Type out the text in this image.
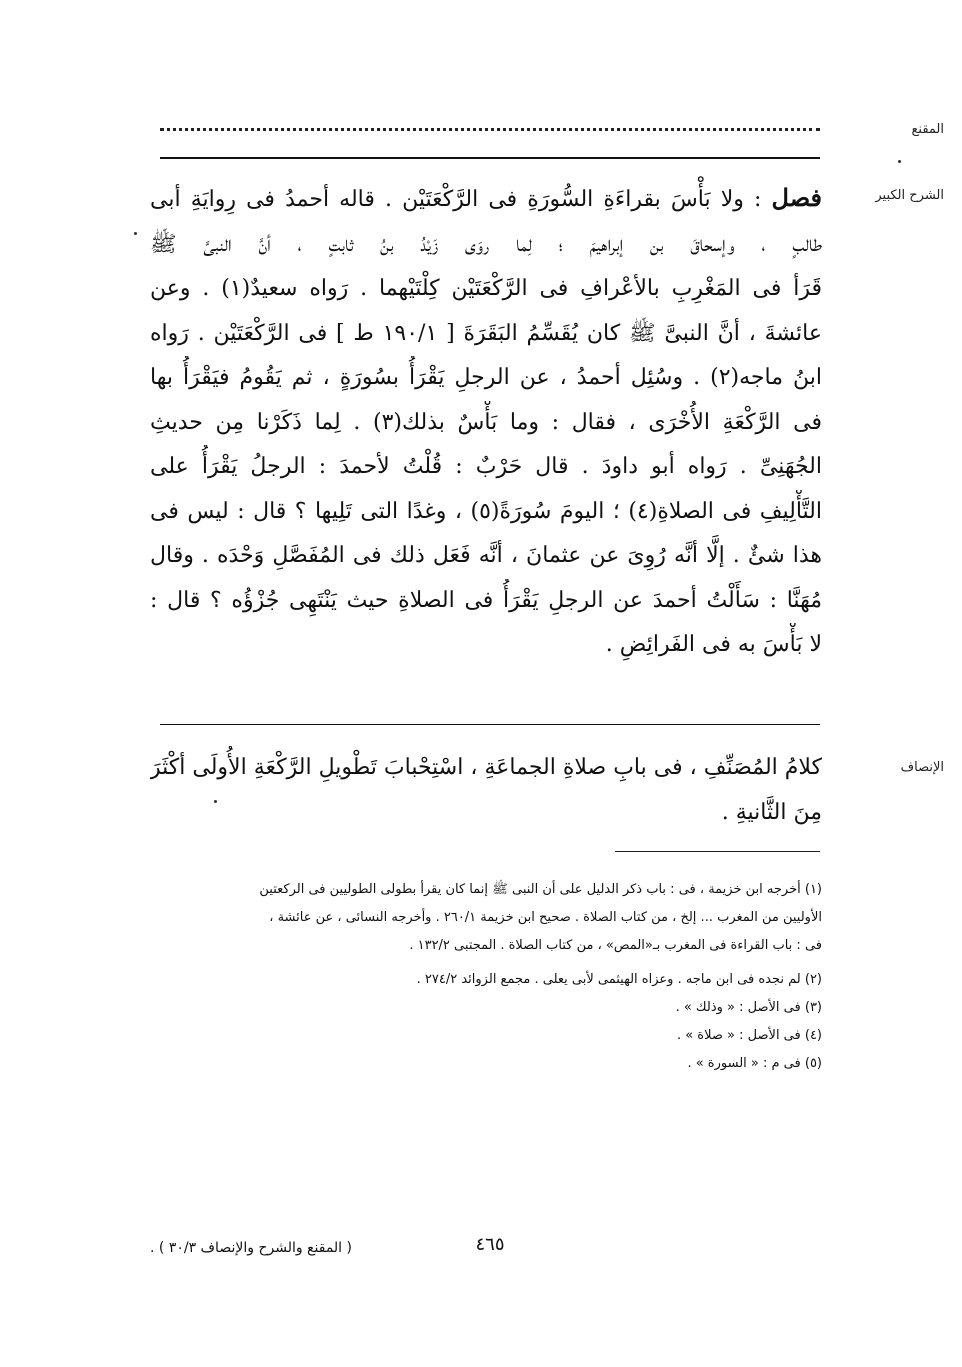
المقنع
الشرح الكبير
فصل : ولا بَأْسَ بقراءَةِ السُّورَةِ فى الرَّكْعَتَيْن . قاله أحمدُ فى رِوايَةِ أبى
طالبٍ ، وإسحاقَ بن إبراهيمَ ؛ لِما روَى زَيْدُ بنُ ثابتٍ ، أنَّ النبىَّ ﷺ
قَرَأ فى المَغْرِبِ بالأعْرافِ فى الرَّكْعَتَيْن كِلْتَيْهما . رَواه سعيدٌ(١) . وعن
عائشةَ ، أنَّ النبىَّ ﷺ كان يُقَسِّمُ البَقَرَةَ [ ١٩٠/١ ط ] فى الرَّكْعَتَيْن . رَواه
ابنُ ماجه(٢) . وسُئِل أحمدُ ، عن الرجلِ يَقْرَأُ بسُورَةٍ ، ثم يَقُومُ فيَقْرَأُ بها
فى الرَّكْعَةِ الأُخْرَى ، فقال : وما بَأْسٌ بذلك(٣) . لِما ذَكَرْنا مِن حديثِ
الجُهَنِىِّ . رَواه أبو داودَ . قال حَرْبٌ : قُلْتُ لأحمدَ : الرجلُ يَقْرَأُ على
التَّأْلِيفِ فى الصلاةِ(٤) ؛ اليومَ سُورَةً(٥) ، وغدًا التى تَلِيها ؟ قال : ليس فى
هذا شئٌ . إلَّا أنَّه رُوِىَ عن عثمانَ ، أنَّه فَعَل ذلك فى المُفَصَّلِ وَحْدَه . وقال
مُهَنَّا : سَأَلْتُ أحمدَ عن الرجلِ يَقْرَأُ فى الصلاةِ حيث يَنْتَهِى جُزْؤُه ؟ قال :
لا بَأْسَ به فى الفَرائِضِ .
الإنصاف
كلامُ المُصَنِّفِ ، فى بابِ صلاةِ الجماعَةِ ، اسْتِحْبابَ تَطْويلِ الرَّكْعَةِ الأُولَى أكْثَرَ
مِنَ الثَّانيةِ .
(١) أخرجه ابن خزيمة ، فى : باب ذكر الدليل على أن النبى ﷺ إنما كان يقرأ بطولى الطوليين فى الركعتين
الأوليين من المغرب ... إلخ ، من كتاب الصلاة . صحيح ابن خزيمة ٢٦٠/١ . وأخرجه النسائى ، عن عائشة ،
فى : باب القراءة فى المغرب بـ«المص» ، من كتاب الصلاة . المجتبى ١٣٢/٢ .
(٢) لم نجده فى ابن ماجه . وعزاه الهيثمى لأبى يعلى . مجمع الزوائد ٢٧٤/٢ .
(٣) فى الأصل : « وذلك » .
(٤) فى الأصل : « صلاة » .
(٥) فى م : « السورة » .
( المقنع والشرح والإنصاف ٣٠/٣ ) .	٤٦٥
